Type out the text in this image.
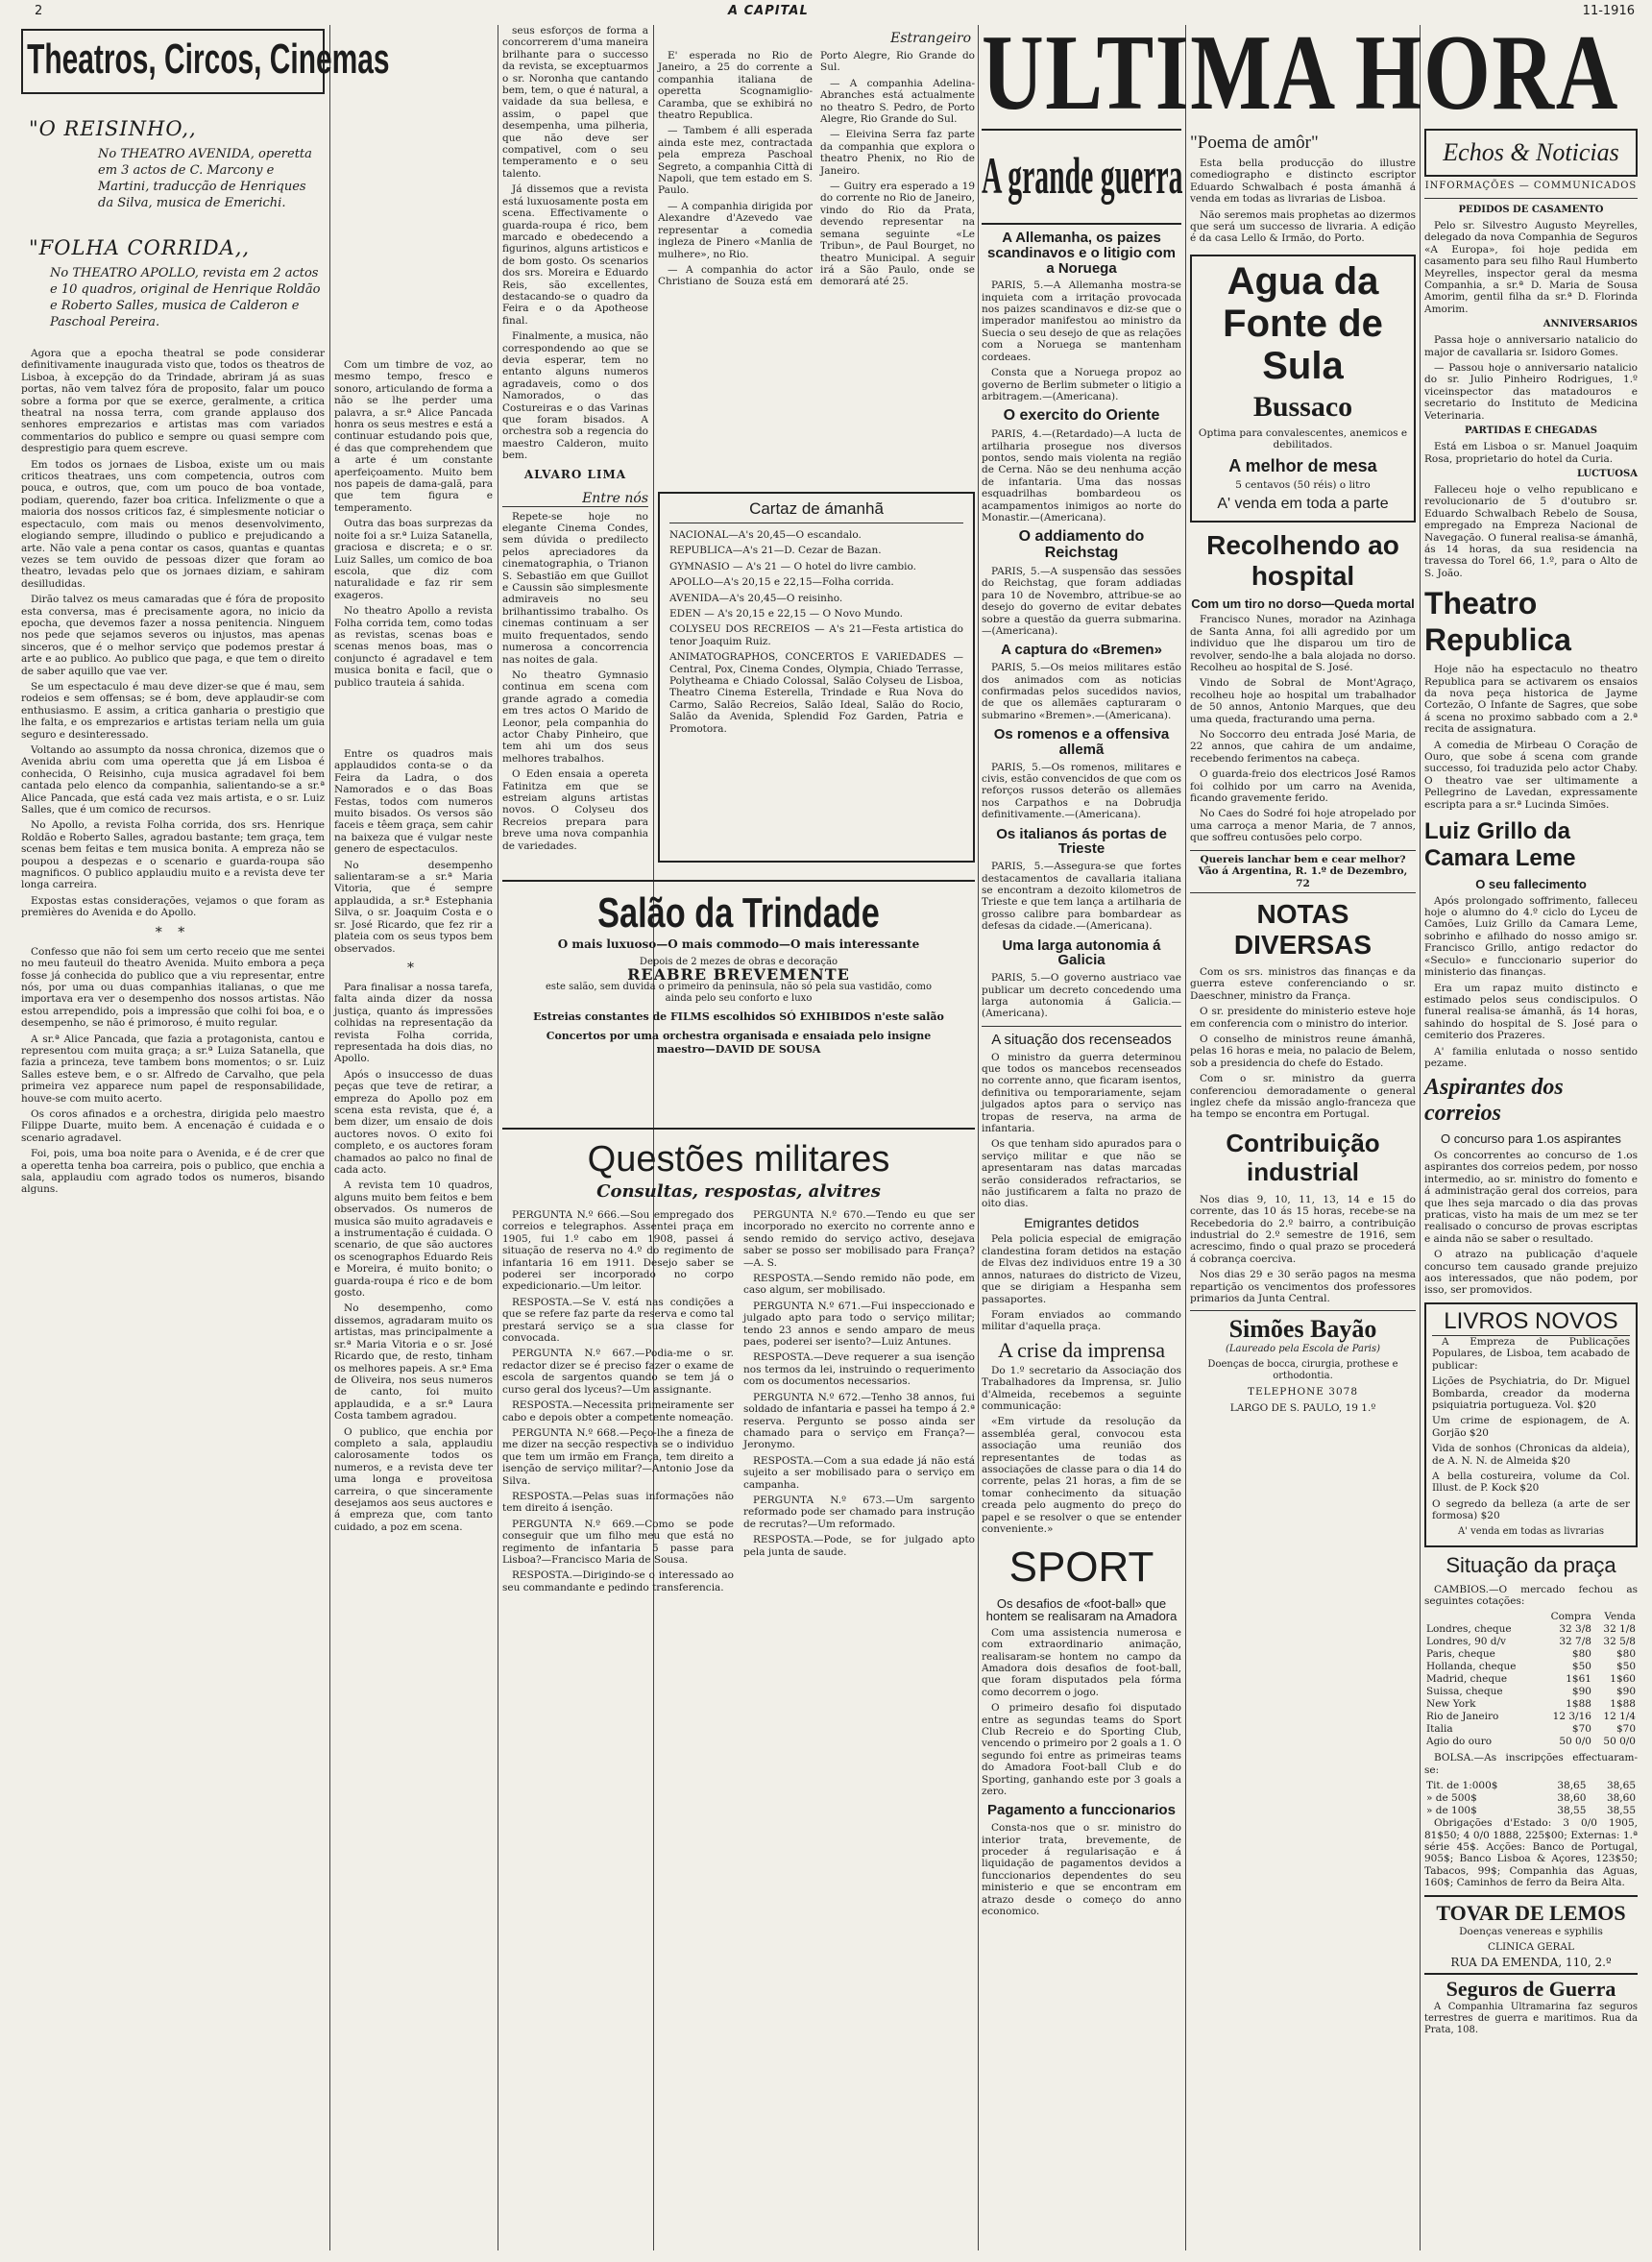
2	A CAPITAL	11-1916
Theatros, Circos, Cinemas
"O REISINHO,,

No THEATRO AVENIDA, operetta em 3 actos de C. Marcony e Martini, traducção de Henriques da Silva, musica de Emerichi.

"FOLHA CORRIDA,,

No THEATRO APOLLO, revista em 2 actos e 10 quadros, original de Henrique Roldão e Roberto Salles, musica de Calderon e Paschoal Pereira.

Agora que a epocha theatral se pode considerar definitivamente inaugurada visto que, todos os theatros de Lisboa, à excepção do da Trindade, abriram já as suas portas, não vem talvez fóra de proposito, falar um pouco sobre a forma por que se exerce, geralmente, a critica theatral na nossa terra, com grande applauso dos senhores emprezarios e artistas mas com variados commentarios do publico e sempre ou quasi sempre com desprestigio para quem escreve.

Em todos os jornaes de Lisboa, existe um ou mais criticos theatraes, uns com competencia, outros com pouca, e outros, que, com um pouco de boa vontade, podiam, querendo, fazer boa critica. Infelizmente o que a maioria dos nossos criticos faz, é simplesmente noticiar o espectaculo, com mais ou menos desenvolvimento, elogiando sempre, illudindo o publico e prejudicando a arte. Não vale a pena contar os casos, quantas e quantas vezes se tem ouvido de pessoas dizer que foram ao theatro, levadas pelo que os jornaes diziam, e sahiram desilludidas.

Dirão talvez os meus camaradas que é fóra de proposito esta conversa, mas é precisamente agora, no inicio da epocha, que devemos fazer a nossa penitencia. Ninguem nos pede que sejamos severos ou injustos, mas apenas sinceros, que é o melhor serviço que podemos prestar á arte e ao publico. Ao publico que paga, e que tem o direito de saber aquillo que vae ver.

Se um espectaculo é mau deve dizer-se que é mau, sem rodeios e sem offensas; se é bom, deve applaudir-se com enthusiasmo. E assim, a critica ganharia o prestigio que lhe falta, e os emprezarios e artistas teriam nella um guia seguro e desinteressado.

Voltando ao assumpto da nossa chronica, dizemos que o Avenida abriu com uma operetta que já em Lisboa é conhecida, O Reisinho, cuja musica agradavel foi bem cantada pelo elenco da companhia, salientando-se a sr.ª Alice Pancada, que está cada vez mais artista, e o sr. Luiz Salles, que é um comico de recursos.

No Apollo, a revista Folha corrida, dos srs. Henrique Roldão e Roberto Salles, agradou bastante; tem graça, tem scenas bem feitas e tem musica bonita. A empreza não se poupou a despezas e o scenario e guarda-roupa são magnificos. O publico applaudiu muito e a revista deve ter longa carreira.

Expostas estas considerações, vejamos o que foram as premières do Avenida e do Apollo.

* *

Confesso que não foi sem um certo receio que me sentei no meu fauteuil do theatro Avenida. Muito embora a peça fosse já conhecida do publico que a viu representar, entre nós, por uma ou duas companhias italianas, o que me importava era ver o desempenho dos nossos artistas. Não estou arrependido, pois a impressão que colhi foi boa, e o desempenho, se não é primoroso, é muito regular.

A sr.ª Alice Pancada, que fazia a protagonista, cantou e representou com muita graça; a sr.ª Luiza Satanella, que fazia a princeza, teve tambem bons momentos; o sr. Luiz Salles esteve bem, e o sr. Alfredo de Carvalho, que pela primeira vez apparece num papel de responsabilidade, houve-se com muito acerto.

Os coros afinados e a orchestra, dirigida pelo maestro Filippe Duarte, muito bem. A encenação é cuidada e o scenario agradavel.

Foi, pois, uma boa noite para o Avenida, e é de crer que a operetta tenha boa carreira, pois o publico, que enchia a sala, applaudiu com agrado todos os numeros, bisando alguns.

Com um timbre de voz, ao mesmo tempo, fresco e sonoro, articulando de forma a não se lhe perder uma palavra, a sr.ª Alice Pancada honra os seus mestres e está a continuar estudando pois que, é das que comprehendem que a arte é um constante aperfeiçoamento. Muito bem nos papeis de dama-galã, para que tem figura e temperamento.

Outra das boas surprezas da noite foi a sr.ª Luiza Satanella, graciosa e discreta; e o sr. Luiz Salles, um comico de boa escola, que diz com naturalidade e faz rir sem exageros.

No theatro Apollo a revista Folha corrida tem, como todas as revistas, scenas boas e scenas menos boas, mas o conjuncto é agradavel e tem musica bonita e facil, que o publico trauteia á sahida.

Entre os quadros mais applaudidos conta-se o da Feira da Ladra, o dos Namorados e o das Boas Festas, todos com numeros muito bisados. Os versos são faceis e têem graça, sem cahir na baixeza que é vulgar neste genero de espectaculos.

No desempenho salientaram-se a sr.ª Maria Vitoria, que é sempre applaudida, a sr.ª Estephania Silva, o sr. Joaquim Costa e o sr. José Ricardo, que fez rir a plateia com os seus typos bem observados.

*

Para finalisar a nossa tarefa, falta ainda dizer da nossa justiça, quanto ás impressões colhidas na representação da revista Folha corrida, representada ha dois dias, no Apollo.

Após o insuccesso de duas peças que teve de retirar, a empreza do Apollo poz em scena esta revista, que é, a bem dizer, um ensaio de dois auctores novos. O exito foi completo, e os auctores foram chamados ao palco no final de cada acto.

A revista tem 10 quadros, alguns muito bem feitos e bem observados. Os numeros de musica são muito agradaveis e a instrumentação é cuidada. O scenario, de que são auctores os scenographos Eduardo Reis e Moreira, é muito bonito; o guarda-roupa é rico e de bom gosto.

No desempenho, como dissemos, agradaram muito os artistas, mas principalmente a sr.ª Maria Vitoria e o sr. José Ricardo que, de resto, tinham os melhores papeis. A sr.ª Ema de Oliveira, nos seus numeros de canto, foi muito applaudida, e a sr.ª Laura Costa tambem agradou.

O publico, que enchia por completo a sala, applaudiu calorosamente todos os numeros, e a revista deve ter uma longa e proveitosa carreira, o que sinceramente desejamos aos seus auctores e á empreza que, com tanto cuidado, a poz em scena.

seus esforços de forma a concorrerem d'uma maneira brilhante para o successo da revista, se exceptuarmos o sr. Noronha que cantando bem, tem, o que é natural, a vaidade da sua bellesa, e assim, o papel que desempenha, uma pilheria, que não deve ser compativel, com o seu temperamento e o seu talento.

Já dissemos que a revista está luxuosamente posta em scena. Effectivamente o guarda-roupa é rico, bem marcado e obedecendo a figurinos, alguns artisticos e de bom gosto. Os scenarios dos srs. Moreira e Eduardo Reis, são excellentes, destacando-se o quadro da Feira e o da Apotheose final.

Finalmente, a musica, não correspondendo ao que se devia esperar, tem no entanto alguns numeros agradaveis, como o dos Namorados, o das Costureiras e o das Varinas que foram bisados. A orchestra sob a regencia do maestro Calderon, muito bem.

ALVARO LIMA
Entre nós

Repete-se hoje no elegante Cinema Condes, sem dúvida o predilecto pelos apreciadores da cinematographia, o Trianon S. Sebastião em que Guillot e Caussin são simplesmente admiraveis no seu brilhantissimo trabalho. Os cinemas continuam a ser muito frequentados, sendo numerosa a concorrencia nas noites de gala.

No theatro Gymnasio continua em scena com grande agrado a comedia em tres actos O Marido de Leonor, pela companhia do actor Chaby Pinheiro, que tem ahi um dos seus melhores trabalhos.

O Eden ensaia a opereta Fatinitza em que se estreiam alguns artistas novos. O Colyseu dos Recreios prepara para breve uma nova companhia de variedades.

Estrangeiro

E' esperada no Rio de Janeiro, a 25 do corrente a companhia italiana de operetta Scognamiglio-Caramba, que se exhibirá no theatro Republica.

— Tambem é alli esperada ainda este mez, contractada pela empreza Paschoal Segreto, a companhia Città di Napoli, que tem estado em S. Paulo.

— A companhia dirigida por Alexandre d'Azevedo vae representar a comedia ingleza de Pinero «Manlia de mulhere», no Rio.

— A companhia do actor Christiano de Souza está em Porto Alegre, Rio Grande do Sul.

— A companhia Adelina-Abranches está actualmente no theatro S. Pedro, de Porto Alegre, Rio Grande do Sul.

— Eleivina Serra faz parte da companhia que explora o theatro Phenix, no Rio de Janeiro.

— Guitry era esperado a 19 do corrente no Rio de Janeiro, vindo do Rio da Prata, devendo representar na semana seguinte «Le Tribun», de Paul Bourget, no theatro Municipal. A seguir irá a São Paulo, onde se demorará até 25.

Cartaz de ámanhã

NACIONAL—A's 20,45—O escandalo.

REPUBLICA—A's 21—D. Cezar de Bazan.

GYMNASIO — A's 21 — O hotel do livre cambio.

APOLLO—A's 20,15 e 22,15—Folha corrida.

AVENIDA—A's 20,45—O reisinho.

EDEN — A's 20,15 e 22,15 — O Novo Mundo.

COLYSEU DOS RECREIOS — A's 21—Festa artistica do tenor Joaquim Ruiz.

ANIMATOGRAPHOS, CONCERTOS E VARIEDADES — Central, Pox, Cinema Condes, Olympia, Chiado Terrasse, Polytheama e Chiado Colossal, Salão Colyseu de Lisboa, Theatro Cinema Esterella, Trindade e Rua Nova do Carmo, Salão Recreios, Salão Ideal, Salão do Rocio, Salão da Avenida, Splendid Foz Garden, Patria e Promotora.

Salão da Trindade

O mais luxuoso—O mais commodo—O mais interessante

Depois de 2 mezes de obras e decoração

REABRE BREVEMENTE

este salão, sem duvida o primeiro da peninsula, não só pela sua vastidão, como ainda pelo seu conforto e luxo

Estreias constantes de FILMS escolhidos SÓ EXHIBIDOS n'este salão

Concertos por uma orchestra organisada e ensaiada pelo insigne maestro—DAVID DE SOUSA

Questões militares
Consultas, respostas, alvitres

PERGUNTA N.º 666.—Sou empregado dos correios e telegraphos. Assentei praça em 1905, fui 1.º cabo em 1908, passei á situação de reserva no 4.º do regimento de infantaria 16 em 1911. Desejo saber se poderei ser incorporado no corpo expedicionario.—Um leitor.

RESPOSTA.—Se V. está nas condições a que se refere faz parte da reserva e como tal prestará serviço se a sua classe for convocada.

PERGUNTA N.º 667.—Podia-me o sr. redactor dizer se é preciso fazer o exame de escola de sargentos quando se tem já o curso geral dos lyceus?—Um assignante.

RESPOSTA.—Necessita primeiramente ser cabo e depois obter a competente nomeação.

PERGUNTA N.º 668.—Peço-lhe a fineza de me dizer na secção respectiva se o individuo que tem um irmão em França, tem direito a isenção de serviço militar?—Antonio Jose da Silva.

RESPOSTA.—Pelas suas informações não tem direito á isenção.

PERGUNTA N.º 669.—Como se pode conseguir que um filho meu que está no regimento de infantaria 5 passe para Lisboa?—Francisco Maria de Sousa.

RESPOSTA.—Dirigindo-se o interessado ao seu commandante e pedindo transferencia.

PERGUNTA N.º 670.—Tendo eu que ser incorporado no exercito no corrente anno e sendo remido do serviço activo, desejava saber se posso ser mobilisado para França?—A. S.

RESPOSTA.—Sendo remido não pode, em caso algum, ser mobilisado.

PERGUNTA N.º 671.—Fui inspeccionado e julgado apto para todo o serviço militar; tendo 23 annos e sendo amparo de meus paes, poderei ser isento?—Luiz Antunes.

RESPOSTA.—Deve requerer a sua isenção nos termos da lei, instruindo o requerimento com os documentos necessarios.

PERGUNTA N.º 672.—Tenho 38 annos, fui soldado de infantaria e passei ha tempo á 2.ª reserva. Pergunto se posso ainda ser chamado para o serviço em França?—Jeronymo.

RESPOSTA.—Com a sua edade já não está sujeito a ser mobilisado para o serviço em campanha.

PERGUNTA N.º 673.—Um sargento reformado pode ser chamado para instrução de recrutas?—Um reformado.

RESPOSTA.—Pode, se for julgado apto pela junta de saude.

ULTIMA HORA
A grande guerra
A Allemanha, os paizes scandinavos e o litigio com a Noruega

PARIS, 5.—A Allemanha mostra-se inquieta com a irritação provocada nos paizes scandinavos e diz-se que o imperador manifestou ao ministro da Suecia o seu desejo de que as relações com a Noruega se mantenham cordeaes.

Consta que a Noruega propoz ao governo de Berlim submeter o litigio a arbitragem.—(Americana).

O exercito do Oriente

PARIS, 4.—(Retardado)—A lucta de artilharia prosegue nos diversos pontos, sendo mais violenta na região de Cerna. Não se deu nenhuma acção de infantaria. Uma das nossas esquadrilhas bombardeou os acampamentos inimigos ao norte do Monastir.—(Americana).

O addiamento do Reichstag

PARIS, 5.—A suspensão das sessões do Reichstag, que foram addiadas para 10 de Novembro, attribue-se ao desejo do governo de evitar debates sobre a questão da guerra submarina.—(Americana).

A captura do «Bremen»

PARIS, 5.—Os meios militares estão dos animados com as noticias confirmadas pelos sucedidos navios, de que os allemães capturaram o submarino «Bremen».—(Americana).

Os romenos e a offensiva allemã

PARIS, 5.—Os romenos, militares e civis, estão convencidos de que com os reforços russos deterão os allemães nos Carpathos e na Dobrudja definitivamente.—(Americana).

Os italianos ás portas de Trieste

PARIS, 5.—Assegura-se que fortes destacamentos de cavallaria italiana se encontram a dezoito kilometros de Trieste e que tem lança a artilharia de grosso calibre para bombardear as defesas da cidade.—(Americana).

Uma larga autonomia á Galicia

PARIS, 5.—O governo austriaco vae publicar um decreto concedendo uma larga autonomia á Galicia.—(Americana).

A situação dos recenseados

O ministro da guerra determinou que todos os mancebos recenseados no corrente anno, que ficaram isentos, definitiva ou temporariamente, sejam julgados aptos para o serviço nas tropas de reserva, na arma de infantaria.

Os que tenham sido apurados para o serviço militar e que não se apresentaram nas datas marcadas serão considerados refractarios, se não justificarem a falta no prazo de oito dias.

Emigrantes detidos

Pela policia especial de emigração clandestina foram detidos na estação de Elvas dez individuos entre 19 a 30 annos, naturaes do districto de Vizeu, que se dirigiam a Hespanha sem passaportes.

Foram enviados ao commando militar d'aquella praça.

A crise da imprensa

Do 1.º secretario da Associação dos Trabalhadores da Imprensa, sr. Julio d'Almeida, recebemos a seguinte communicação:

«Em virtude da resolução da assembléa geral, convocou esta associação uma reunião dos representantes de todas as associações de classe para o dia 14 do corrente, pelas 21 horas, a fim de se tomar conhecimento da situação creada pelo augmento do preço do papel e se resolver o que se entender conveniente.»

SPORT
Os desafios de «foot-ball» que hontem se realisaram na Amadora

Com uma assistencia numerosa e com extraordinario animação, realisaram-se hontem no campo da Amadora dois desafios de foot-ball, que foram disputados pela fórma como decorrem o jogo.

O primeiro desafio foi disputado entre as segundas teams do Sport Club Recreio e do Sporting Club, vencendo o primeiro por 2 goals a 1. O segundo foi entre as primeiras teams do Amadora Foot-ball Club e do Sporting, ganhando este por 3 goals a zero.

Pagamento a funccionarios

Consta-nos que o sr. ministro do interior trata, brevemente, de proceder á regularisação e á liquidação de pagamentos devidos a funccionarios dependentes do seu ministerio e que se encontram em atrazo desde o começo do anno economico.

"Poema de amôr"

Esta bella producção do illustre comediographo e distincto escriptor Eduardo Schwalbach é posta ámanhã á venda em todas as livrarias de Lisboa.

Não seremos mais prophetas ao dizermos que será um successo de livraria. A edição é da casa Lello & Irmão, do Porto.

Agua da Fonte de Sula
Bussaco

Optima para convalescentes, anemicos e debilitados.

A melhor de mesa

5 centavos (50 réis) o litro

A' venda em toda a parte
Recolhendo ao hospital
Com um tiro no dorso—Queda mortal

Francisco Nunes, morador na Azinhaga de Santa Anna, foi alli agredido por um individuo que lhe disparou um tiro de revolver, sendo-lhe a bala alojada no dorso. Recolheu ao hospital de S. José.

Vindo de Sobral de Mont'Agraço, recolheu hoje ao hospital um trabalhador de 50 annos, Antonio Marques, que deu uma queda, fracturando uma perna.

No Soccorro deu entrada José Maria, de 22 annos, que cahira de um andaime, recebendo ferimentos na cabeça.

O guarda-freio dos electricos José Ramos foi colhido por um carro na Avenida, ficando gravemente ferido.

No Caes do Sodré foi hoje atropelado por uma carroça a menor Maria, de 7 annos, que soffreu contusões pelo corpo.

Quereis lanchar bem e cear melhor? Vão á Argentina, R. 1.º de Dezembro, 72

NOTAS DIVERSAS

Com os srs. ministros das finanças e da guerra esteve conferenciando o sr. Daeschner, ministro da França.

O sr. presidente do ministerio esteve hoje em conferencia com o ministro do interior.

O conselho de ministros reune ámanhã, pelas 16 horas e meia, no palacio de Belem, sob a presidencia do chefe do Estado.

Com o sr. ministro da guerra conferenciou demoradamente o general inglez chefe da missão anglo-franceza que ha tempo se encontra em Portugal.

Contribuição industrial

Nos dias 9, 10, 11, 13, 14 e 15 do corrente, das 10 ás 15 horas, recebe-se na Recebedoria do 2.º bairro, a contribuição industrial do 2.º semestre de 1916, sem acrescimo, findo o qual prazo se procederá á cobrança coerciva.

Nos dias 29 e 30 serão pagos na mesma repartição os vencimentos dos professores primarios da Junta Central.

Simões Bayão

(Laureado pela Escola de Paris)

Doenças de bocca, cirurgia, prothese e orthodontia.

TELEPHONE 3078

LARGO DE S. PAULO, 19 1.º

Echos & Noticias

INFORMAÇÕES — COMMUNICADOS

PEDIDOS DE CASAMENTO

Pelo sr. Silvestro Augusto Meyrelles, delegado da nova Companhia de Seguros «A Europa», foi hoje pedida em casamento para seu filho Raul Humberto Meyrelles, inspector geral da mesma Companhia, a sr.ª D. Maria de Sousa Amorim, gentil filha da sr.ª D. Florinda Amorim.

ANNIVERSARIOS

Passa hoje o anniversario natalicio do major de cavallaria sr. Isidoro Gomes.

— Passou hoje o anniversario natalicio do sr. Julio Pinheiro Rodrigues, 1.º viceinspector das matadouros e secretario do Instituto de Medicina Veterinaria.

PARTIDAS E CHEGADAS

Está em Lisboa o sr. Manuel Joaquim Rosa, proprietario do hotel da Curia.

LUCTUOSA

Falleceu hoje o velho republicano e revolucionario de 5 d'outubro sr. Eduardo Schwalbach Rebelo de Sousa, empregado na Empreza Nacional de Navegação. O funeral realisa-se ámanhã, ás 14 horas, da sua residencia na travessa do Torel 66, 1.º, para o Alto de S. João.

Theatro Republica

Hoje não ha espectaculo no theatro Republica para se activarem os ensaios da nova peça historica de Jayme Cortezão, O Infante de Sagres, que sobe á scena no proximo sabbado com a 2.ª recita de assignatura.

A comedia de Mirbeau O Coração de Ouro, que sobe á scena com grande successo, foi traduzida pelo actor Chaby. O theatro vae ser ultimamente a Pellegrino de Lavedan, expressamente escripta para a sr.ª Lucinda Simões.

Luiz Grillo da Camara Leme
O seu fallecimento

Após prolongado soffrimento, falleceu hoje o alumno do 4.º ciclo do Lyceu de Camões, Luiz Grillo da Camara Leme, sobrinho e afilhado do nosso amigo sr. Francisco Grillo, antigo redactor do «Seculo» e funccionario superior do ministerio das finanças.

Era um rapaz muito distincto e estimado pelos seus condiscipulos. O funeral realisa-se ámanhã, ás 14 horas, sahindo do hospital de S. José para o cemiterio dos Prazeres.

A' familia enlutada o nosso sentido pezame.

Aspirantes dos correios
O concurso para 1.os aspirantes

Os concorrentes ao concurso de 1.os aspirantes dos correios pedem, por nosso intermedio, ao sr. ministro do fomento e á administração geral dos correios, para que lhes seja marcado o dia das provas praticas, visto ha mais de um mez se ter realisado o concurso de provas escriptas e ainda não se saber o resultado.

O atrazo na publicação d'aquele concurso tem causado grande prejuizo aos interessados, que não podem, por isso, ser promovidos.

LIVROS NOVOS

A Empreza de Publicações Populares, de Lisboa, tem acabado de publicar:

Lições de Psychiatria, do Dr. Miguel Bombarda, creador da moderna psiquiatria portugueza. Vol. $20

Um crime de espionagem, de A. Gorjão $20

Vida de sonhos (Chronicas da aldeia), de A. N. N. de Almeida $20

A bella costureira, volume da Col. Illust. de P. Kock $20

O segredo da belleza (a arte de ser formosa) $20

A' venda em todas as livrarias

Situação da praça

CAMBIOS.—O mercado fechou as seguintes cotações:

	Compra	Venda
Londres, cheque	32 3/8	32 1/8
Londres, 90 d/v	32 7/8	32 5/8
Paris, cheque	$80	$80
Hollanda, cheque	$50	$50
Madrid, cheque	1$61	1$60
Suissa, cheque	$90	$90
New York	1$88	1$88
Rio de Janeiro	12 3/16	12 1/4
Italia	$70	$70
Agio do ouro	50 0/0	50 0/0

BOLSA.—As inscripções effectuaram-se:

Tit. de 1:000$	38,65	38,65
» de 500$	38,60	38,60
» de 100$	38,55	38,55

Obrigações d'Estado: 3 0/0 1905, 81$50; 4 0/0 1888, 225$00; Externas: 1.ª série 45$. Acções: Banco de Portugal, 905$; Banco Lisboa & Açores, 123$50; Tabacos, 99$; Companhia das Aguas, 160$; Caminhos de ferro da Beira Alta.

TOVAR DE LEMOS

Doenças venereas e syphilis

CLINICA GERAL

RUA DA EMENDA, 110, 2.º

Seguros de Guerra

A Companhia Ultramarina faz seguros terrestres de guerra e maritimos. Rua da Prata, 108.
